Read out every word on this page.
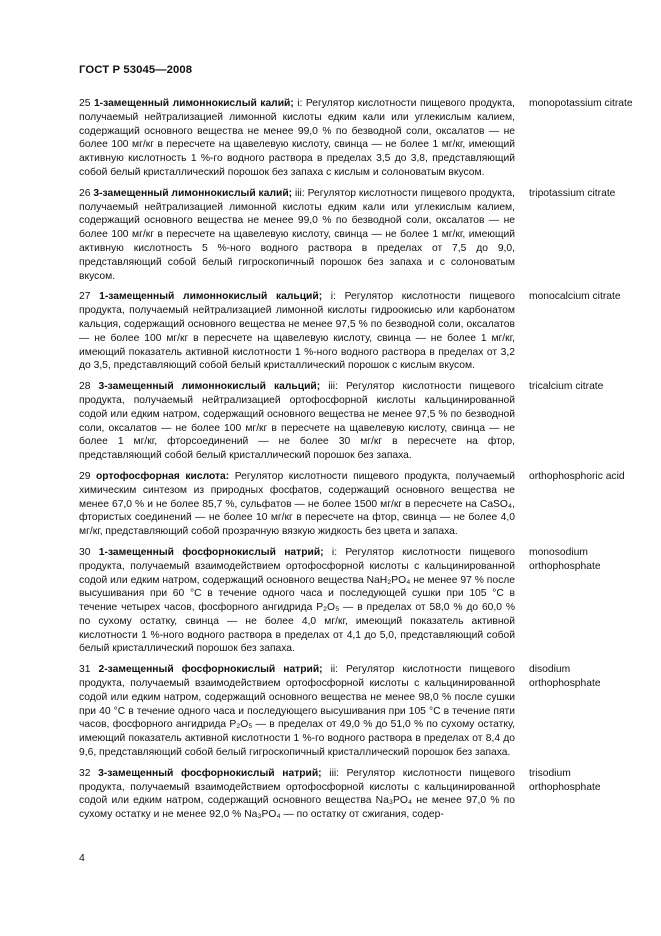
ГОСТ Р 53045—2008
25 1-замещенный лимоннокислый калий; i: Регулятор кислотности пищевого продукта, получаемый нейтрализацией лимонной кислоты едким кали или углекислым калием, содержащий основного вещества не менее 99,0 % по безводной соли, оксалатов — не более 100 мг/кг в пересчете на щавелевую кислоту, свинца — не более 1 мг/кг, имеющий активную кислотность 1 %-го водного раствора в пределах 3,5 до 3,8, представляющий собой белый кристаллический порошок без запаха с кислым и солоноватым вкусом.
monopotassium citrate
26 3-замещенный лимоннокислый калий; iii: Регулятор кислотности пищевого продукта, получаемый нейтрализацией лимонной кислоты едким кали или углекислым калием, содержащий основного вещества не менее 99,0 % по безводной соли, оксалатов — не более 100 мг/кг в пересчете на щавелевую кислоту, свинца — не более 1 мг/кг, имеющий активную кислотность 5 %-ного водного раствора в пределах от 7,5 до 9,0, представляющий собой белый гигроскопичный порошок без запаха и с солоноватым вкусом.
tripotassium citrate
27 1-замещенный лимоннокислый кальций; i: Регулятор кислотности пищевого продукта, получаемый нейтрализацией лимонной кислоты гидроокисью или карбонатом кальция, содержащий основного вещества не менее 97,5 % по безводной соли, оксалатов — не более 100 мг/кг в пересчете на щавелевую кислоту, свинца — не более 1 мг/кг, имеющий показатель активной кислотности 1 %-ного водного раствора в пределах от 3,2 до 3,5, представляющий собой белый кристаллический порошок с кислым вкусом.
monocalcium citrate
28 3-замещенный лимоннокислый кальций; iii: Регулятор кислотности пищевого продукта, получаемый нейтрализацией ортофосфорной кислоты кальцинированной содой или едким натром, содержащий основного вещества не менее 97,5 % по безводной соли, оксалатов — не более 100 мг/кг в пересчете на щавелевую кислоту, свинца — не более 1 мг/кг, фторсоединений — не более 30 мг/кг в пересчете на фтор, представляющий собой белый кристаллический порошок без запаха.
tricalcium citrate
29 ортофосфорная кислота: Регулятор кислотности пищевого продукта, получаемый химическим синтезом из природных фосфатов, содержащий основного вещества не менее 67,0 % и не более 85,7 %, сульфатов — не более 1500 мг/кг в пересчете на CaSO₄, фтористых соединений — не более 10 мг/кг в пересчете на фтор, свинца — не более 4,0 мг/кг, представляющий собой прозрачную вязкую жидкость без цвета и запаха.
orthophosphoric acid
30 1-замещенный фосфорнокислый натрий; i: Регулятор кислотности пищевого продукта, получаемый взаимодействием ортофосфорной кислоты с кальцинированной содой или едким натром, содержащий основного вещества NaH₂PO₄ не менее 97 % после высушивания при 60 °С в течение одного часа и последующей сушки при 105 °С в течение четырех часов, фосфорного ангидрида P₂O₅ — в пределах от 58,0 % до 60,0 % по сухому остатку, свинца — не более 4,0 мг/кг, имеющий показатель активной кислотности 1 %-ного водного раствора в пределах от 4,1 до 5,0, представляющий собой белый кристаллический порошок без запаха.
monosodium orthophosphate
31 2-замещенный фосфорнокислый натрий; ii: Регулятор кислотности пищевого продукта, получаемый взаимодействием ортофосфорной кислоты с кальцинированной содой или едким натром, содержащий основного вещества не менее 98,0 % после сушки при 40 °С в течение одного часа и последующего высушивания при 105 °С в течение пяти часов, фосфорного ангидрида P₂O₅ — в пределах от 49,0 % до 51,0 % по сухому остатку, имеющий показатель активной кислотности 1 %-го водного раствора в пределах от 8,4 до 9,6, представляющий собой белый гигроскопичный кристаллический порошок без запаха.
disodium orthophosphate
32 3-замещенный фосфорнокислый натрий; iii: Регулятор кислотности пищевого продукта, получаемый взаимодействием ортофосфорной кислоты с кальцинированной содой или едким натром, содержащий основного вещества Na₃PO₄ не менее 97,0 % по сухому остатку и не менее 92,0 % Na₃PO₄ — по остатку от сжигания, содер-
trisodium orthophosphate
4
